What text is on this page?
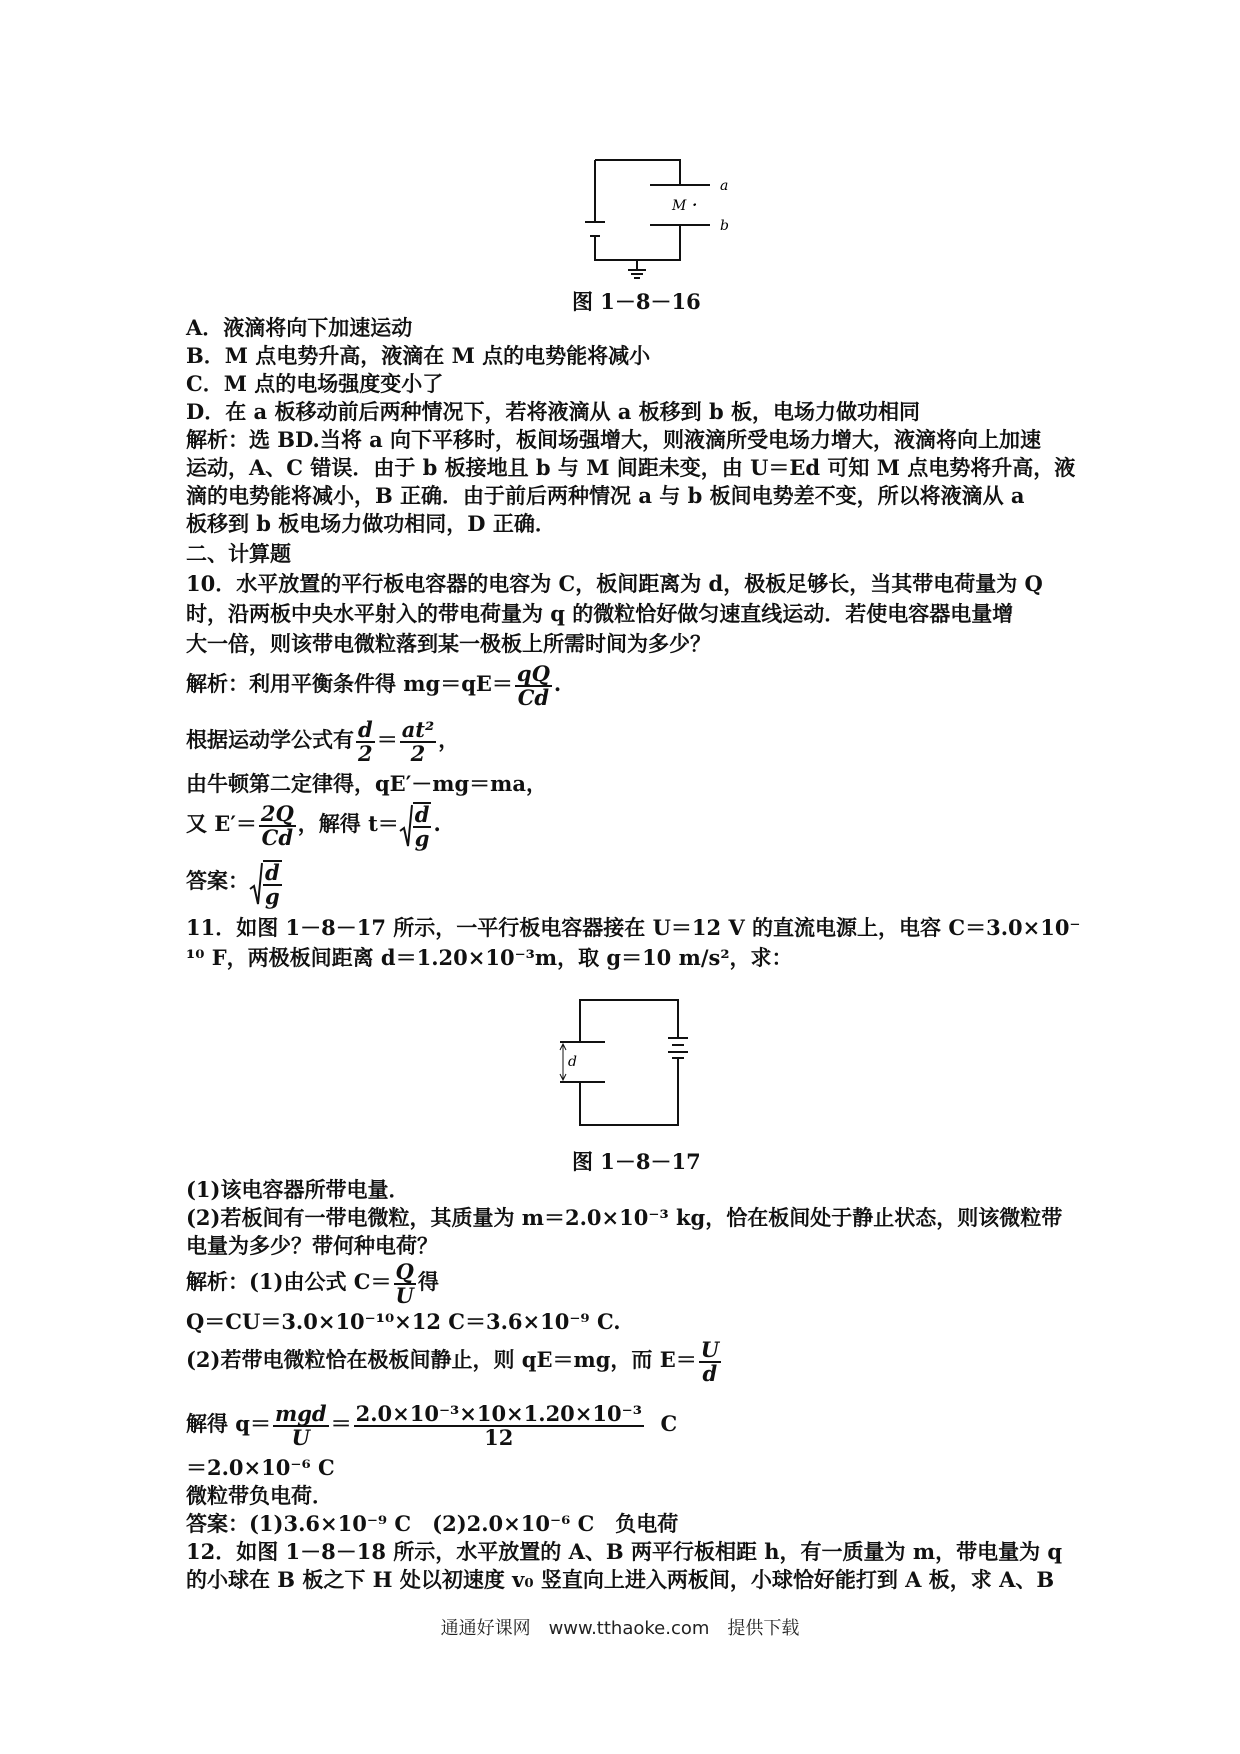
a
b
M・
图 1－8－16
A．液滴将向下加速运动
B．M 点电势升高，液滴在 M 点的电势能将减小
C．M 点的电场强度变小了
D．在 a 板移动前后两种情况下，若将液滴从 a 板移到 b 板，电场力做功相同
解析：选 BD.当将 a 向下平移时，板间场强增大，则液滴所受电场力增大，液滴将向上加速
运动，A、C 错误．由于 b 板接地且 b 与 M 间距未变，由 U＝Ed 可知 M 点电势将升高，液
滴的电势能将减小，B 正确．由于前后两种情况 a 与 b 板间电势差不变，所以将液滴从 a
板移到 b 板电场力做功相同，D 正确．
二、计算题
10．水平放置的平行板电容器的电容为 C，板间距离为 d，极板足够长，当其带电荷量为 Q
时，沿两板中央水平射入的带电荷量为 q 的微粒恰好做匀速直线运动．若使电容器电量增
大一倍，则该带电微粒落到某一极板上所需时间为多少？
解析：利用平衡条件得 $mg=qE= \frac{qQ}{Cd}$ .
根据运动学公式有 $\frac{d}{2} = \frac{\text{at²}}{2}$ ，
由牛顿第二定律得，qE′－mg＝ma，
又 $E'= \frac{2Q}{Cd}$ ，解得 $t= \frac{d}{g}$ .
答案： $\frac{d}{g}$
11．如图 1－8－17 所示，一平行板电容器接在 U＝12 V 的直流电源上，电容 C＝3.0×10⁻
¹⁰ F，两极板间距离 d＝1.20×10⁻³m，取 g＝10 m/s²，求：
d
图 1－8－17
(1)该电容器所带电量．
(2)若板间有一带电微粒，其质量为 m＝2.0×10⁻³ kg，恰在板间处于静止状态，则该微粒带
电量为多少？带何种电荷？
解析：(1)由公式 $C= \frac{Q}{U}$ 得
Q＝CU＝3.0×10⁻¹⁰×12 C＝3.6×10⁻⁹ C.
(2)若带电微粒恰在极板间静止，则 qE＝mg，而 $E= \frac{U}{d}$
解得 $q= \frac{\text{mgd}}{U} = \frac{\text{2.0×10⁻³×10×1.20×10⁻³}}{12}$ C
＝2.0×10⁻⁶ C
微粒带负电荷．
答案：(1)3.6×10⁻⁹ C　(2)2.0×10⁻⁶ C　负电荷
12．如图 1－8－18 所示，水平放置的 A、B 两平行板相距 h，有一质量为 m，带电量为 q
的小球在 B 板之下 H 处以初速度 v₀ 竖直向上进入两板间，小球恰好能打到 A 板，求 A、B
通通好课网　www.tthaoke.com　提供下载
